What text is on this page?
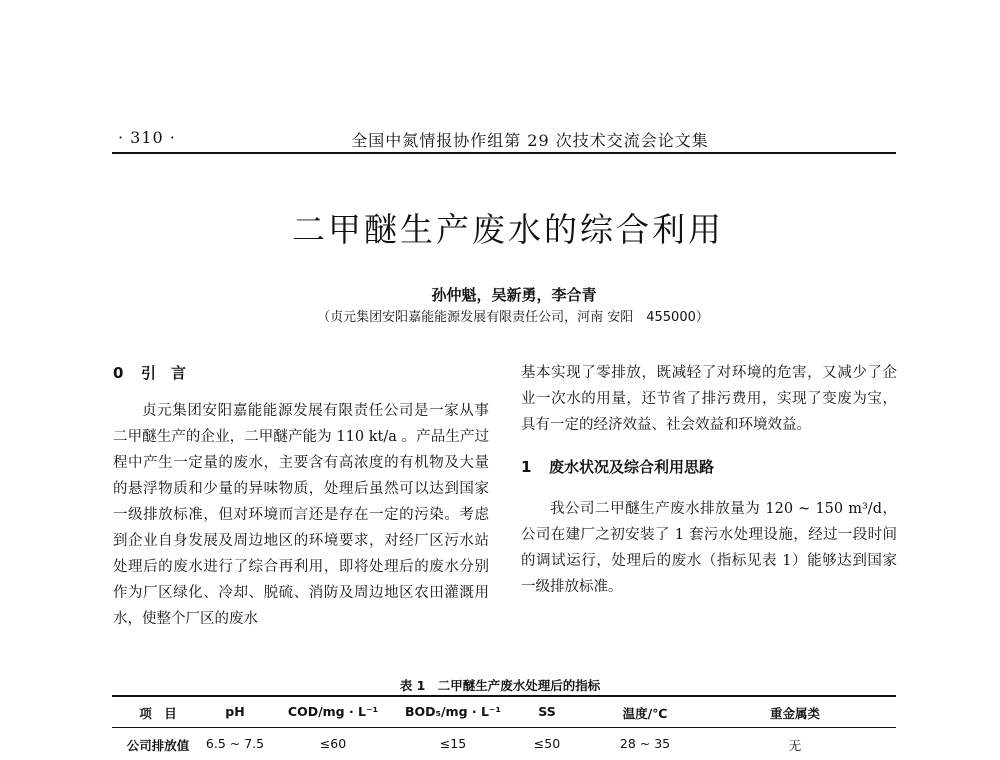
· 310 ·	全国中氮情报协作组第 29 次技术交流会论文集
二甲醚生产废水的综合利用
孙仲魁，吴新勇，李合青
（贞元集团安阳嘉能能源发展有限责任公司，河南 安阳　455000）
0 引　言

贞元集团安阳嘉能能源发展有限责任公司是一家从事二甲醚生产的企业，二甲醚产能为 110 kt/a 。产品生产过程中产生一定量的废水，主要含有高浓度的有机物及大量的悬浮物质和少量的异味物质，处理后虽然可以达到国家一级排放标准，但对环境而言还是存在一定的污染。考虑到企业自身发展及周边地区的环境要求，对经厂区污水站处理后的废水进行了综合再利用，即将处理后的废水分别作为厂区绿化、冷却、脱硫、消防及周边地区农田灌溉用水，使整个厂区的废水

基本实现了零排放，既减轻了对环境的危害，又减少了企业一次水的用量，还节省了排污费用，实现了变废为宝，具有一定的经济效益、社会效益和环境效益。

1 废水状况及综合利用思路

我公司二甲醚生产废水排放量为 120 ~ 150 m³/d，公司在建厂之初安装了 1 套污水处理设施，经过一段时间的调试运行，处理后的废水（指标见表 1）能够达到国家一级排放标准。

表 1　二甲醚生产废水处理后的指标
项　目	pH	COD/mg · L⁻¹	BOD₅/mg · L⁻¹	SS	温度/℃	重金属类
公司排放值	6.5 ~ 7.5	≤60	≤15	≤50	28 ~ 35	无
